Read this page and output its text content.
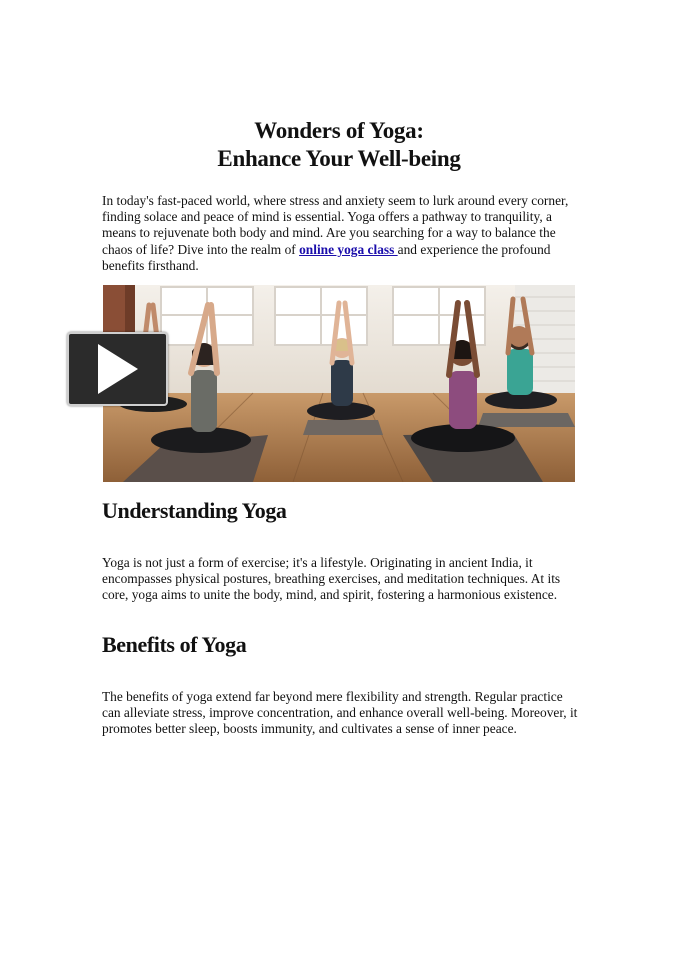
Wonders of Yoga:
Enhance Your Well-being

In today's fast-paced world, where stress and anxiety seem to lurk around every corner, finding solace and peace of mind is essential. Yoga offers a pathway to tranquility, a means to rejuvenate both body and mind. Are you searching for a way to balance the chaos of life? Dive into the realm of online yoga class and experience the profound benefits firsthand.

Understanding Yoga

Yoga is not just a form of exercise; it's a lifestyle. Originating in ancient India, it encompasses physical postures, breathing exercises, and meditation techniques. At its core, yoga aims to unite the body, mind, and spirit, fostering a harmonious existence.

Benefits of Yoga

The benefits of yoga extend far beyond mere flexibility and strength. Regular practice can alleviate stress, improve concentration, and enhance overall well-being. Moreover, it promotes better sleep, boosts immunity, and cultivates a sense of inner peace.
